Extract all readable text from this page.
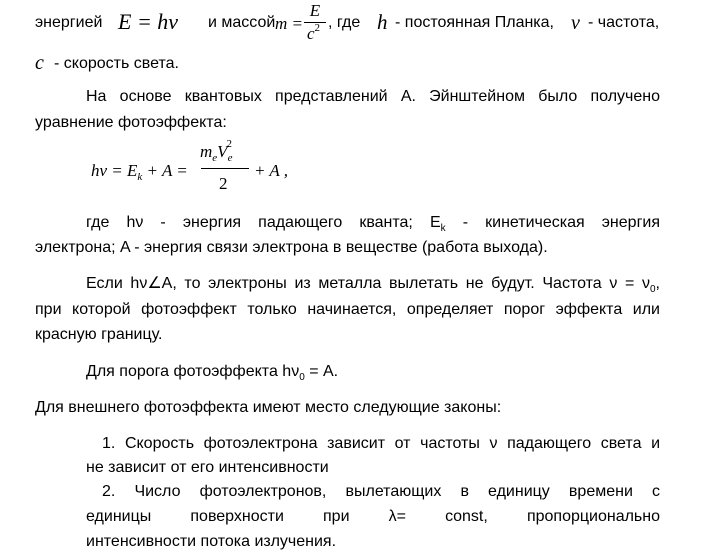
энергией E = hν и массой m =
E
$c^2$ , где h - постоянная Планка, ν - частота,
c - скорость света.
На основе квантовых представлений А. Эйнштейном было получено
уравнение фотоэффекта:
$h\nu = E_k + A$ =
$m_eV_e^2$
2
+ A ,
где hν - энергия падающего кванта; $E_k$ - кинетическая энергия
электрона; A - энергия связи электрона в веществе (работа выхода).
Если hν∠A, то электроны из металла вылетать не будут. Частота $\nu = \nu_0$,
при которой фотоэффект только начинается, определяет порог эффекта или
красную границу.
Для порога фотоэффекта $h\nu_0 = A$.
Для внешнего фотоэффекта имеют место следующие законы:
1. Скорость фотоэлектрона зависит от частоты ν падающего света и
не зависит от его интенсивности
2. Число фотоэлектронов, вылетающих в единицу времени с
единицы поверхности при λ= const, пропорционально
интенсивности потока излучения.
